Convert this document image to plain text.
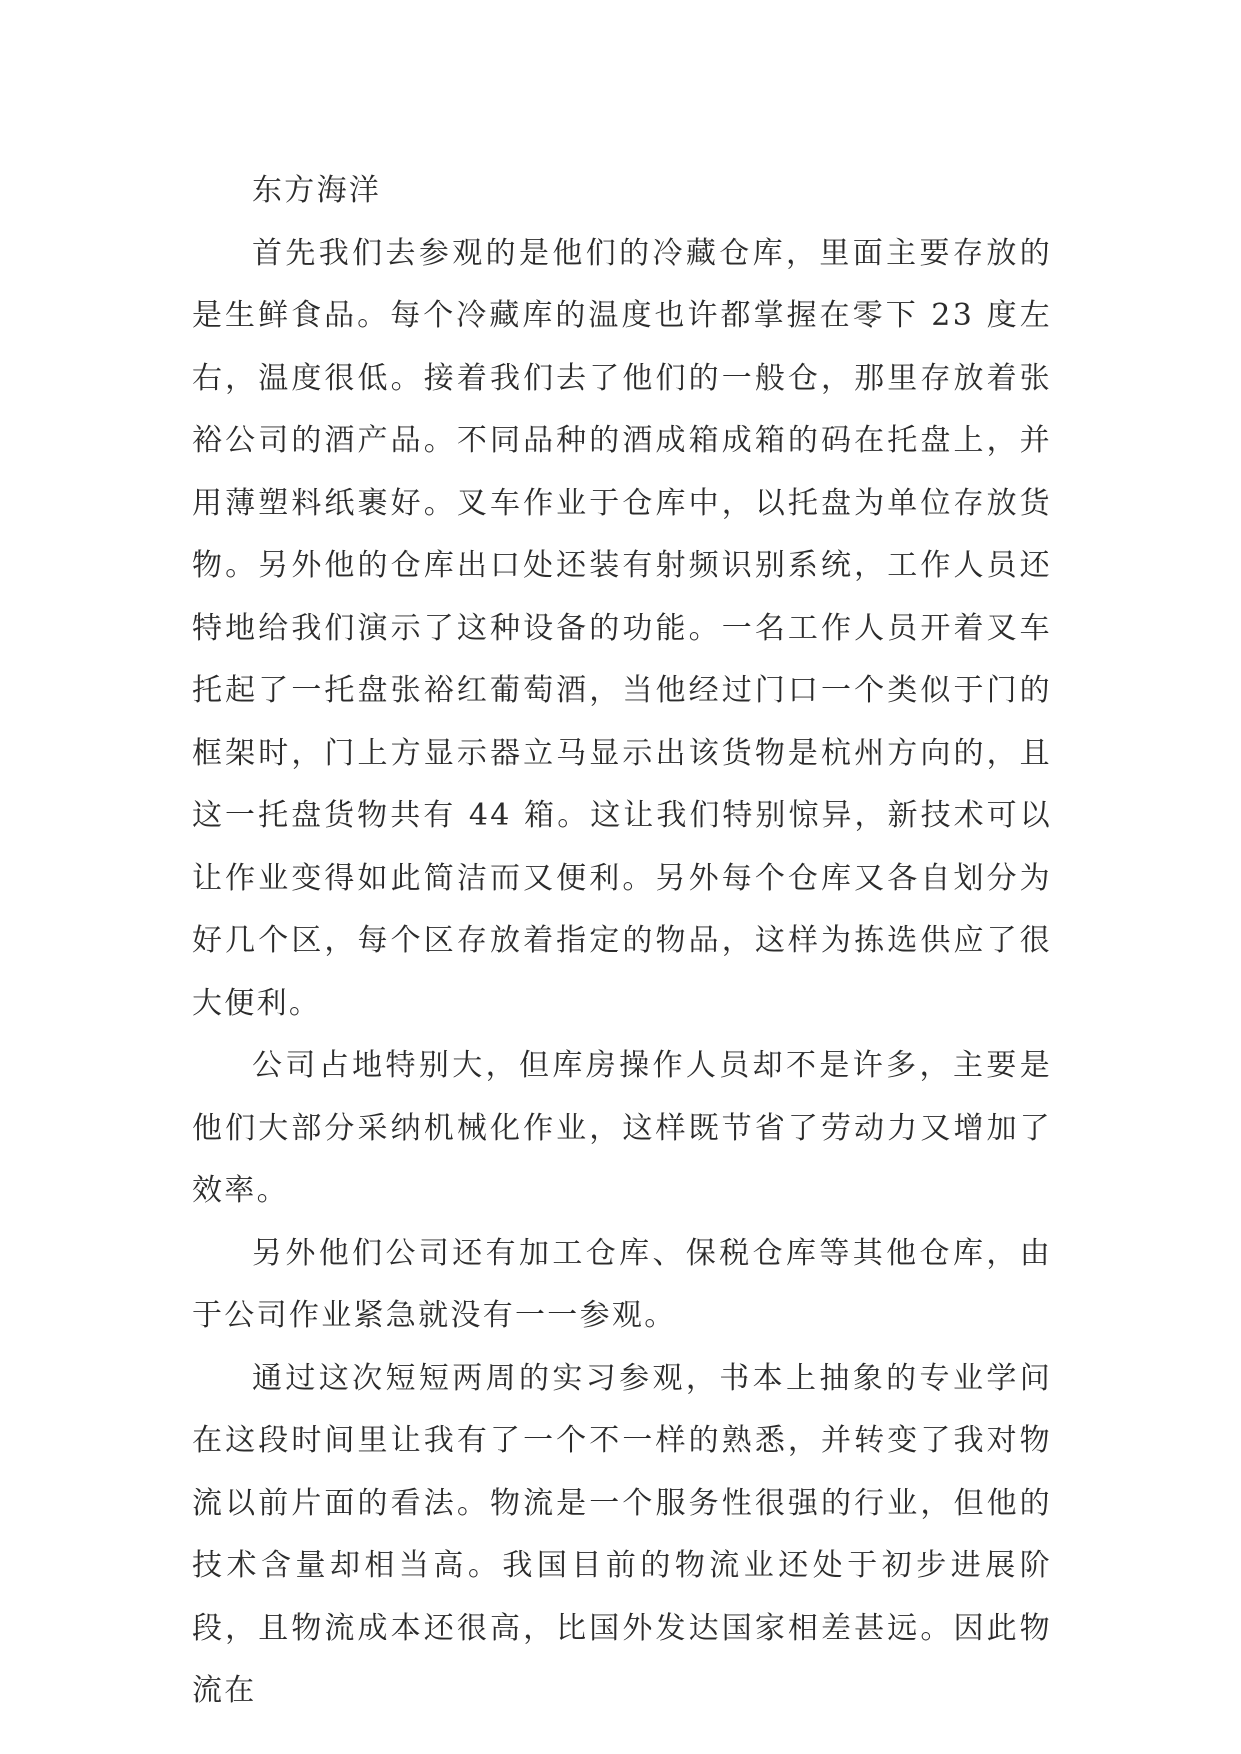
东方海洋

首先我们去参观的是他们的冷藏仓库，里面主要存放的是生鲜食品。每个冷藏库的温度也许都掌握在零下 23 度左右，温度很低。接着我们去了他们的一般仓，那里存放着张裕公司的酒产品。不同品种的酒成箱成箱的码在托盘上，并用薄塑料纸裹好。叉车作业于仓库中，以托盘为单位存放货物。另外他的仓库出口处还装有射频识别系统，工作人员还特地给我们演示了这种设备的功能。一名工作人员开着叉车托起了一托盘张裕红葡萄酒，当他经过门口一个类似于门的框架时，门上方显示器立马显示出该货物是杭州方向的，且这一托盘货物共有 44 箱。这让我们特别惊异，新技术可以让作业变得如此简洁而又便利。另外每个仓库又各自划分为好几个区，每个区存放着指定的物品，这样为拣选供应了很大便利。

公司占地特别大，但库房操作人员却不是许多，主要是他们大部分采纳机械化作业，这样既节省了劳动力又增加了效率。

另外他们公司还有加工仓库、保税仓库等其他仓库，由于公司作业紧急就没有一一参观。

通过这次短短两周的实习参观，书本上抽象的专业学问在这段时间里让我有了一个不一样的熟悉，并转变了我对物流以前片面的看法。物流是一个服务性很强的行业，但他的技术含量却相当高。我国目前的物流业还处于初步进展阶段，且物流成本还很高，比国外发达国家相差甚远。因此物流在
